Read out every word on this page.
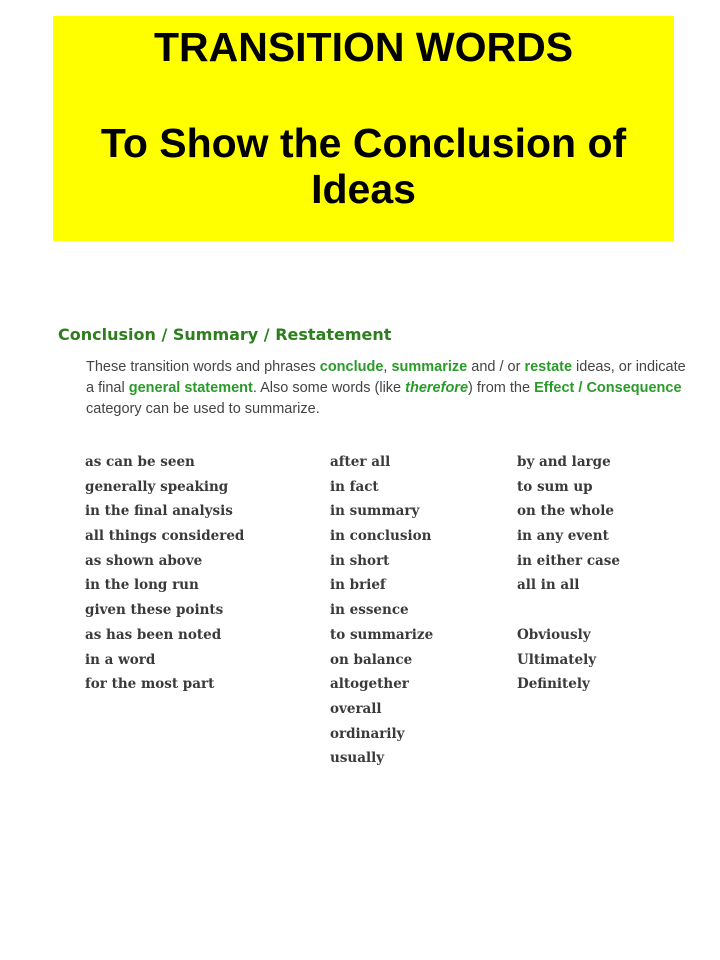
TRANSITION WORDS
To Show the Conclusion of
Ideas
Conclusion / Summary / Restatement
These transition words and phrases conclude, summarize and / or restate ideas, or indicate a final general statement. Also some words (like therefore) from the Effect / Consequence category can be used to summarize.
as can be seen
generally speaking
in the final analysis
all things considered
as shown above
in the long run
given these points
as has been noted
in a word
for the most part
after all
in fact
in summary
in conclusion
in short
in brief
in essence
to summarize
on balance
altogether
overall
ordinarily
usually
by and large
to sum up
on the whole
in any event
in either case
all in all
Obviously
Ultimately
Definitely
